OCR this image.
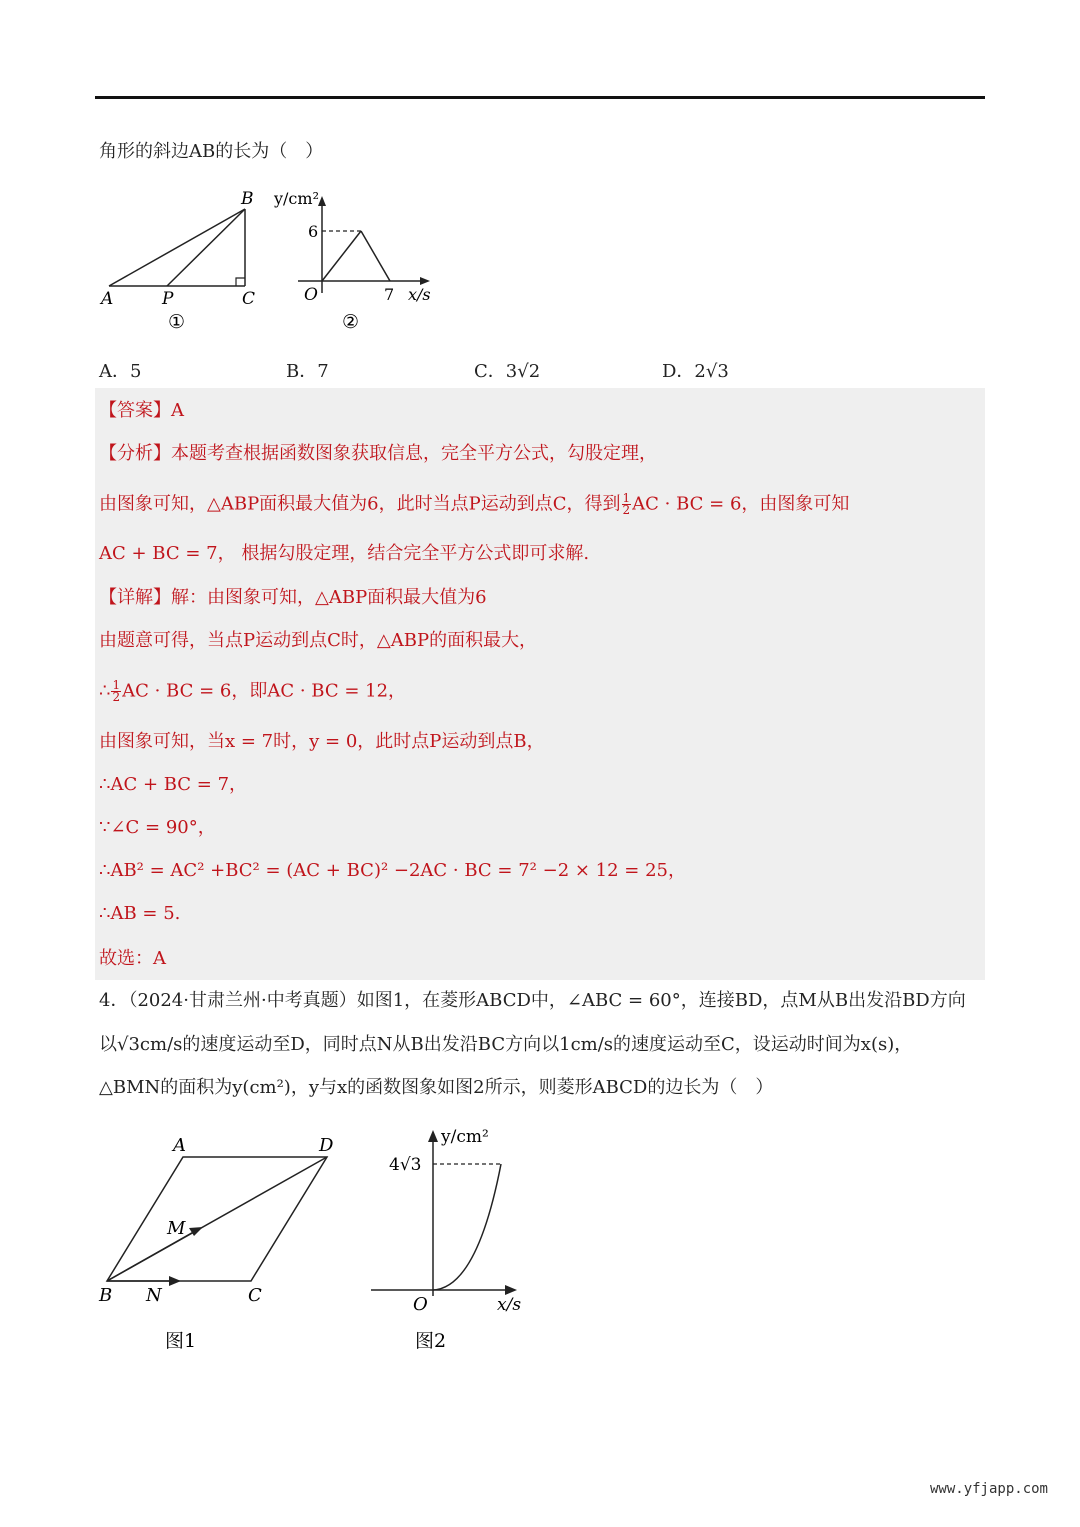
角形的斜边AB的长为（　）
B
A	P	C
①
y/cm²
6
O	7 x/s
②
A．5	B．7	C．3√2	D．2√3
【答案】A
【分析】本题考查根据函数图象获取信息，完全平方公式，勾股定理，
由图象可知，△ABP面积最大值为6，此时当点P运动到点C，得到 $\frac{1}{2}$ AC · BC = 6，由图象可知
AC + BC = 7， 根据勾股定理，结合完全平方公式即可求解.
【详解】解：由图象可知，△ABP面积最大值为6
由题意可得，当点P运动到点C时，△ABP的面积最大，
∴ $\frac{1}{2}$ AC · BC = 6，即AC · BC = 12，
由图象可知，当x = 7时，y = 0，此时点P运动到点B，
∴AC + BC = 7，
∵∠C = 90°，
∴AB² = AC² +BC² = (AC + BC)² −2AC · BC = 7² −2 × 12 = 25，
∴AB = 5.
故选：A
4．（2024·甘肃兰州·中考真题）如图1，在菱形ABCD中，∠ABC = 60°，连接BD，点M从B出发沿BD方向
以√3cm/s的速度运动至D，同时点N从B出发沿BC方向以1cm/s的速度运动至C，设运动时间为x(s)，
△BMN的面积为y(cm²)，y与x的函数图象如图2所示，则菱形ABCD的边长为（　）
A	D
M
B N	C
图1
y/cm²
4√3
O	x/s
图2
www.yfjapp.com
